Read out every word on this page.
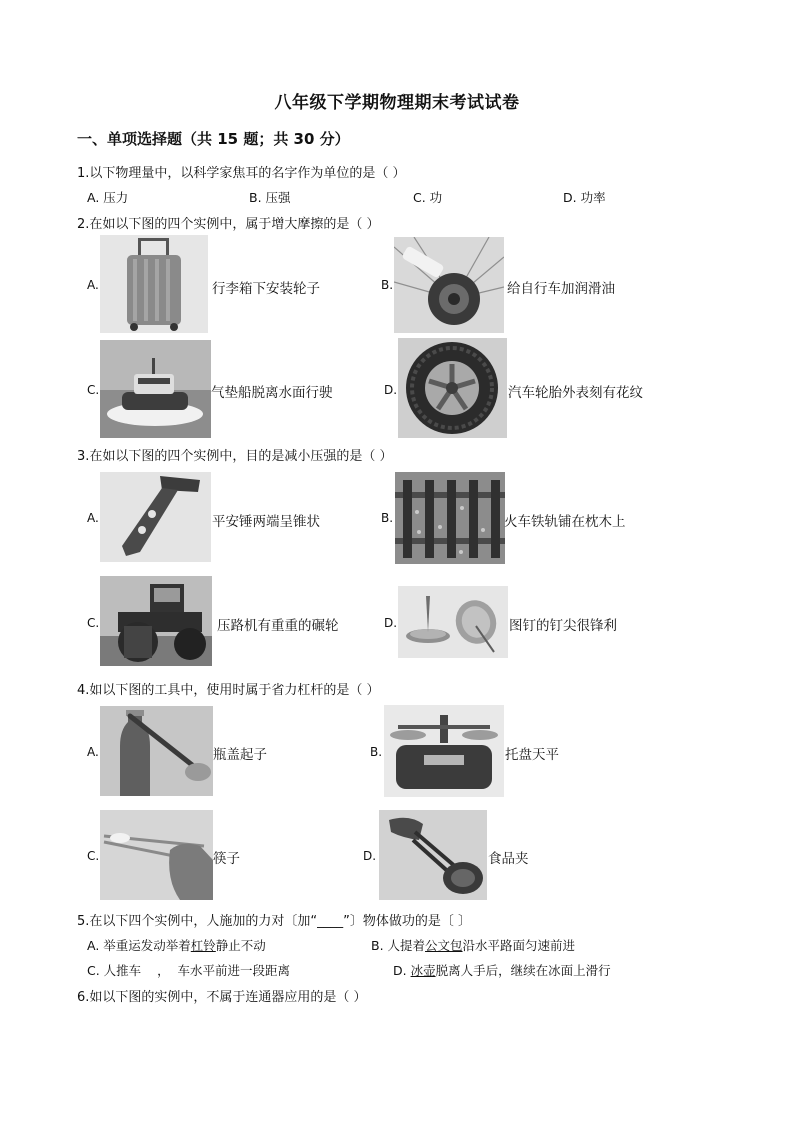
八年级下学期物理期末考试试卷
一、单项选择题（共 15 题；共 30 分）
1.以下物理量中，以科学家焦耳的名字作为单位的是（ ）
A. 压力	B. 压强	C. 功	D. 功率
2.在如以下图的四个实例中，属于增大摩擦的是（ ）
A.	行李箱下安装轮子	B.	给自行车加润滑油
C.	气垫船脱离水面行驶	D.	汽车轮胎外表刻有花纹
3.在如以下图的四个实例中，目的是减小压强的是（ ）
A.	平安锤两端呈锥状	B.	火车铁轨铺在枕木上
C.	压路机有重重的碾轮	D.	图钉的钉尖很锋利
4.如以下图的工具中，使用时属于省力杠杆的是（ ）
A.	瓶盖起子	B.	托盘天平
C.	筷子	D.	食品夹
5.在以下四个实例中，人施加的力对〔加“____”〕物体做功的是〔 〕
A. 举重运发动举着杠铃静止不动	B. 人提着公文包沿水平路面匀速前进
C. 人推车    ，  车水平前进一段距离	D. 冰壶脱离人手后，继续在冰面上滑行
6.如以下图的实例中，不属于连通器应用的是（ ）
